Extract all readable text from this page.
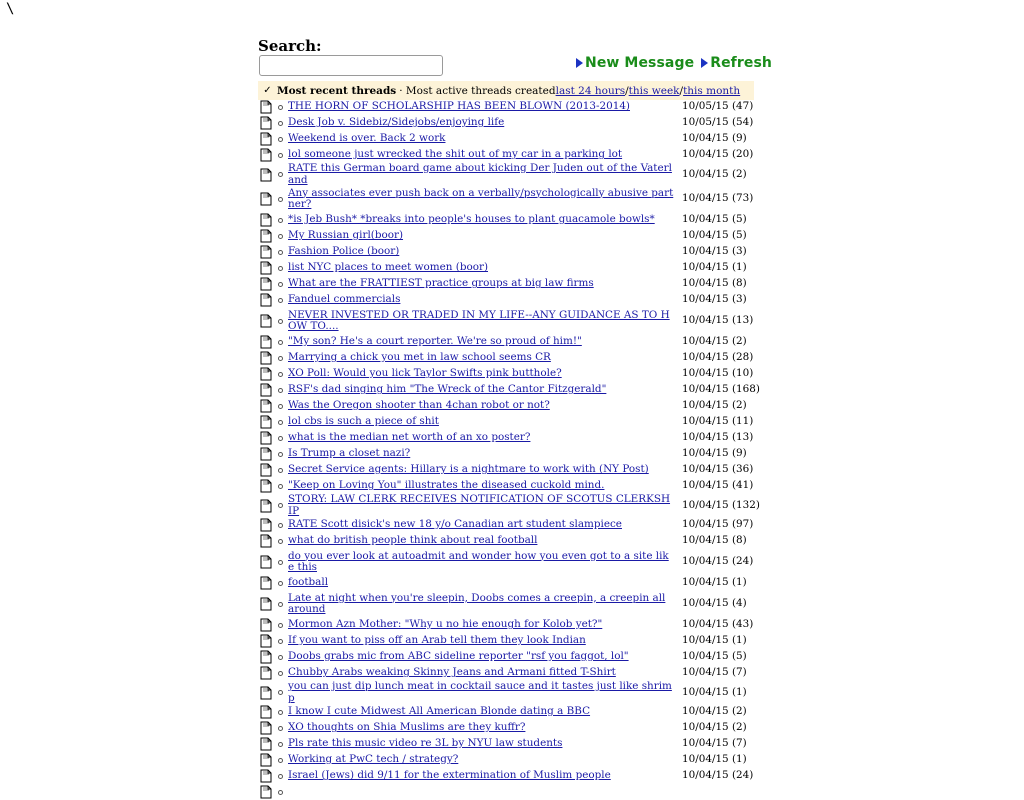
\
Search:
New Message Refresh
✓ Most recent threads · Most active threads created last 24 hours / this week / this month
THE HORN OF SCHOLARSHIP HAS BEEN BLOWN (2013-2014)	10/05/15 (47)
Desk Job v. Sidebiz/Sidejobs/enjoying life	10/05/15 (54)
Weekend is over. Back 2 work	10/04/15 (9)
lol someone just wrecked the shit out of my car in a parking lot	10/04/15 (20)
RATE this German board game about kicking Der Juden out of the Vaterland	10/04/15 (2)
Any associates ever push back on a verbally/psychologically abusive partner?	10/04/15 (73)
*is Jeb Bush* *breaks into people's houses to plant guacamole bowls*	10/04/15 (5)
My Russian girl(boor)	10/04/15 (5)
Fashion Police (boor)	10/04/15 (3)
list NYC places to meet women (boor)	10/04/15 (1)
What are the FRATTIEST practice groups at big law firms	10/04/15 (8)
Fanduel commercials	10/04/15 (3)
NEVER INVESTED OR TRADED IN MY LIFE--ANY GUIDANCE AS TO HOW TO....	10/04/15 (13)
"My son? He's a court reporter. We're so proud of him!"	10/04/15 (2)
Marrying a chick you met in law school seems CR	10/04/15 (28)
XO Poll: Would you lick Taylor Swifts pink butthole?	10/04/15 (10)
RSF's dad singing him "The Wreck of the Cantor Fitzgerald"	10/04/15 (168)
Was the Oregon shooter than 4chan robot or not?	10/04/15 (2)
lol cbs is such a piece of shit	10/04/15 (11)
what is the median net worth of an xo poster?	10/04/15 (13)
Is Trump a closet nazi?	10/04/15 (9)
Secret Service agents: Hillary is a nightmare to work with (NY Post)	10/04/15 (36)
"Keep on Loving You" illustrates the diseased cuckold mind.	10/04/15 (41)
STORY: LAW CLERK RECEIVES NOTIFICATION OF SCOTUS CLERKSHIP	10/04/15 (132)
RATE Scott disick's new 18 y/o Canadian art student slampiece	10/04/15 (97)
what do british people think about real football	10/04/15 (8)
do you ever look at autoadmit and wonder how you even got to a site like this	10/04/15 (24)
football	10/04/15 (1)
Late at night when you're sleepin, Doobs comes a creepin, a creepin all around	10/04/15 (4)
Mormon Azn Mother: "Why u no hie enough for Kolob yet?"	10/04/15 (43)
If you want to piss off an Arab tell them they look Indian	10/04/15 (1)
Doobs grabs mic from ABC sideline reporter "rsf you faggot, lol"	10/04/15 (5)
Chubby Arabs weaking Skinny Jeans and Armani fitted T-Shirt	10/04/15 (7)
you can just dip lunch meat in cocktail sauce and it tastes just like shrimp	10/04/15 (1)
I know I cute Midwest All American Blonde dating a BBC	10/04/15 (2)
XO thoughts on Shia Muslims are they kuffr?	10/04/15 (2)
Pls rate this music video re 3L by NYU law students	10/04/15 (7)
Working at PwC tech / strategy?	10/04/15 (1)
Israel (Jews) did 9/11 for the extermination of Muslim people	10/04/15 (24)
